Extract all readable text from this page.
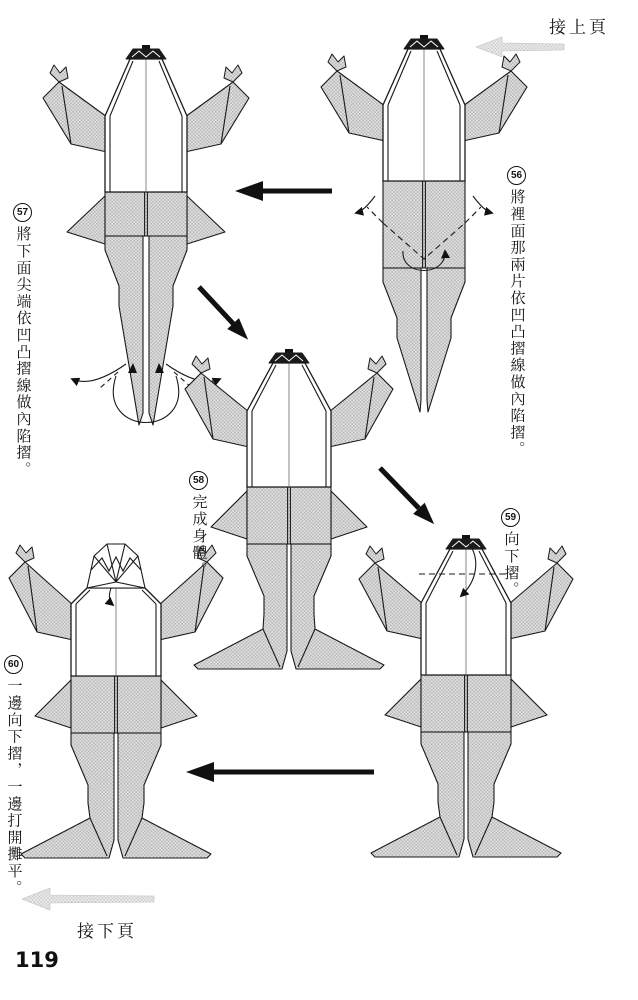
接上頁
56將裡面那兩片依凹凸摺線做內陷摺。
57將下面尖端依凹凸摺線做內陷摺。
58完成身體。	59向下摺。
60一邊向下摺，一邊打開攤平。
接下頁
119
